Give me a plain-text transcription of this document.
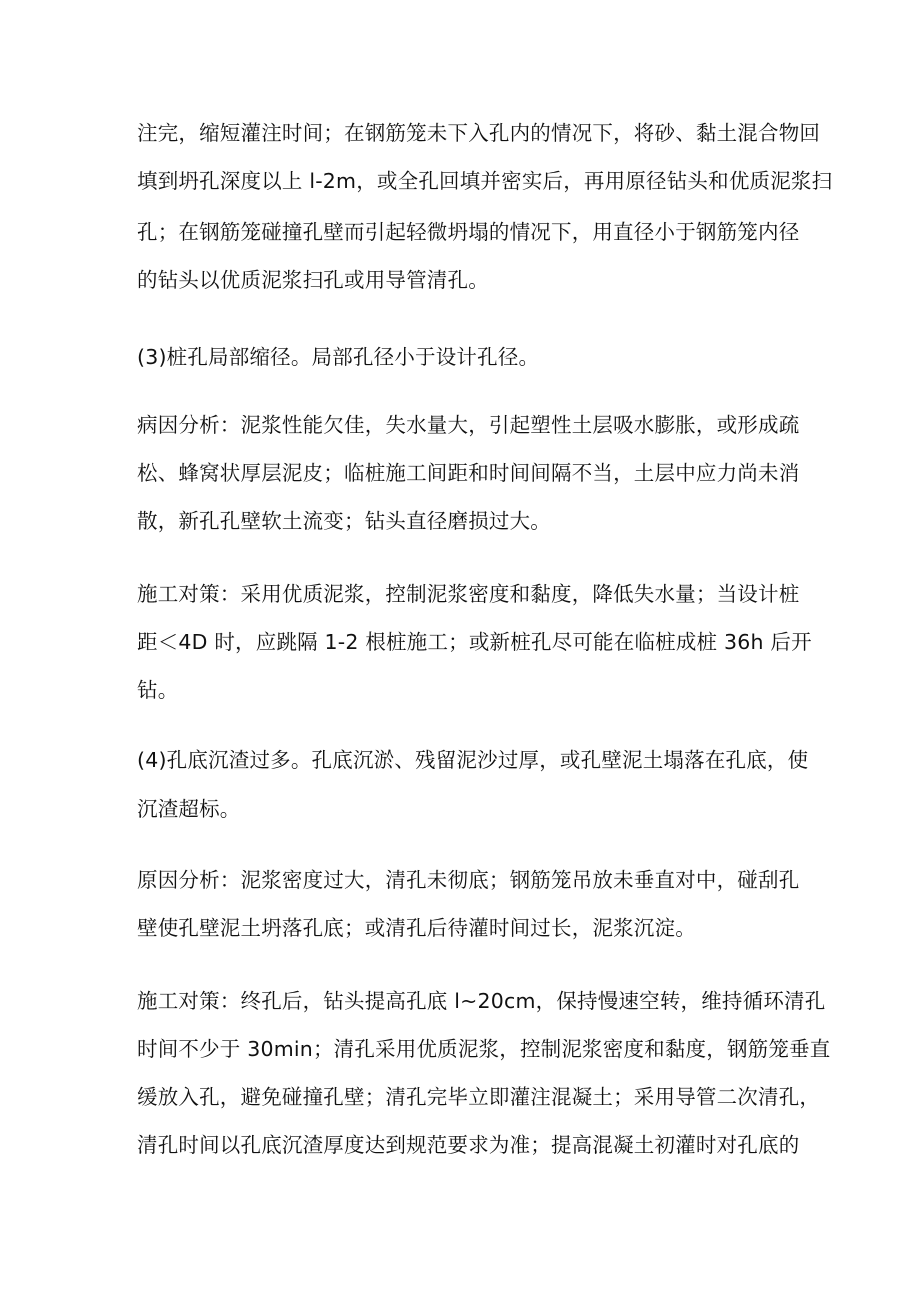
注完，缩短灌注时间；在钢筋笼未下入孔内的情况下，将砂、黏土混合物回
填到坍孔深度以上 l-2m，或全孔回填并密实后，再用原径钻头和优质泥浆扫
孔；在钢筋笼碰撞孔壁而引起轻微坍塌的情况下，用直径小于钢筋笼内径
的钻头以优质泥浆扫孔或用导管清孔。
(3)桩孔局部缩径。局部孔径小于设计孔径。
病因分析：泥浆性能欠佳，失水量大，引起塑性土层吸水膨胀，或形成疏
松、蜂窝状厚层泥皮；临桩施工间距和时间间隔不当，土层中应力尚未消
散，新孔孔壁软土流变；钻头直径磨损过大。
施工对策：采用优质泥浆，控制泥浆密度和黏度，降低失水量；当设计桩
距＜4D 时，应跳隔 1-2 根桩施工；或新桩孔尽可能在临桩成桩 36h 后开
钻。
(4)孔底沉渣过多。孔底沉淤、残留泥沙过厚，或孔壁泥土塌落在孔底，使
沉渣超标。
原因分析：泥浆密度过大，清孔未彻底；钢筋笼吊放未垂直对中，碰刮孔
壁使孔壁泥土坍落孔底；或清孔后待灌时间过长，泥浆沉淀。
施工对策：终孔后，钻头提高孔底 l~20cm，保持慢速空转，维持循环清孔
时间不少于 30min；清孔采用优质泥浆，控制泥浆密度和黏度，钢筋笼垂直
缓放入孔，避免碰撞孔壁；清孔完毕立即灌注混凝土；采用导管二次清孔，
清孔时间以孔底沉渣厚度达到规范要求为准；提高混凝土初灌时对孔底的
